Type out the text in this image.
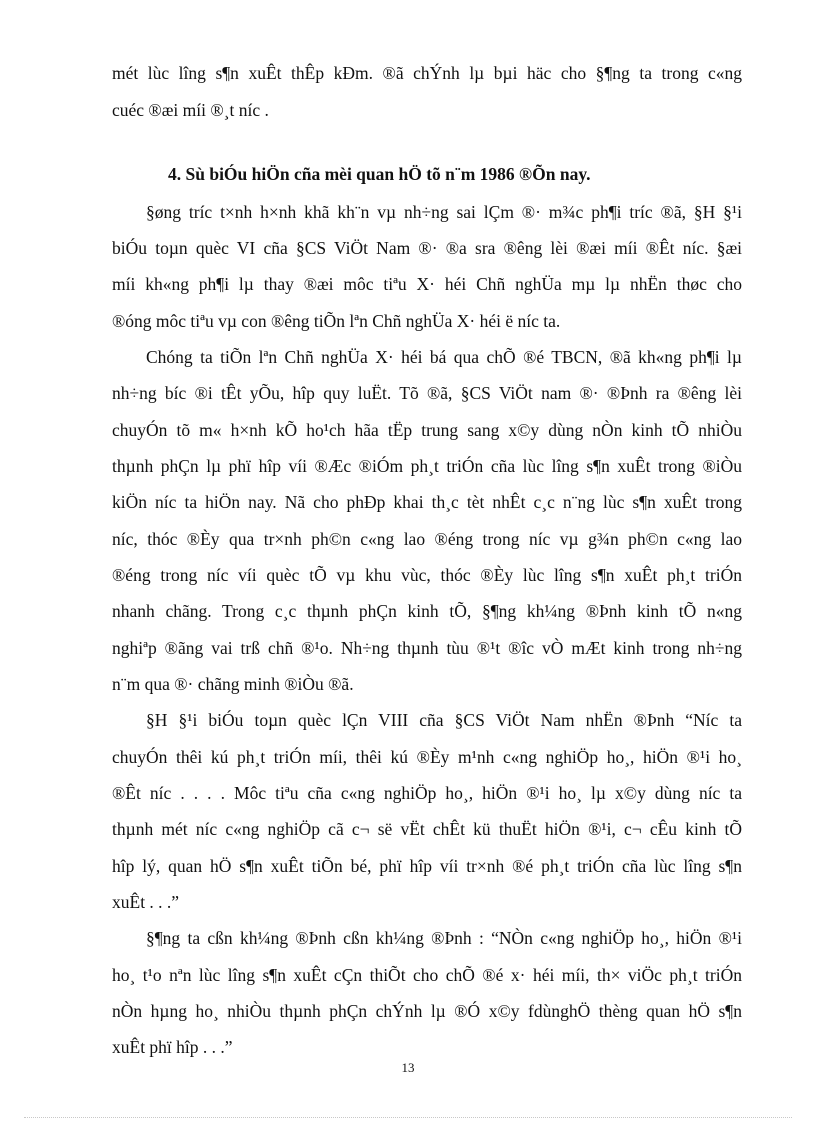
mét lùc lîng s¶n xuÊt thÊp kÐm. ®ã chÝnh lµ bµi häc cho §¶ng ta trong c«ng
cuéc ®æi míi ®¸t níc .
4. Sù biÓu hiÖn cña mèi quan hÖ tõ n¨m 1986 ®Õn nay.
§øng tríc t×nh h×nh khã kh¨n vµ nh÷ng sai lÇm ®· m¾c ph¶i tríc ®ã, §H §¹i
biÓu toµn quèc VI cña §CS ViÖt Nam ®· ®a sra ®êng lèi ®æi míi ®Êt níc. §æi
míi kh«ng ph¶i lµ thay ®æi môc tiªu X· héi Chñ nghÜa mµ lµ nhËn thøc cho
®óng môc tiªu vµ con ®êng tiÕn lªn Chñ nghÜa X· héi ë níc ta.
Chóng ta tiÕn lªn Chñ nghÜa X· héi bá qua chÕ ®é TBCN, ®ã kh«ng ph¶i lµ
nh÷ng bíc ®i tÊt yÕu, hîp quy luËt. Tõ ®ã, §CS ViÖt nam ®· ®Þnh ra ®êng lèi
chuyÓn tõ m« h×nh kÕ ho¹ch hãa tËp trung sang x©y dùng nÒn kinh tÕ nhiÒu
thµnh phÇn lµ phï hîp víi ®Æc ®iÓm ph¸t triÓn cña lùc lîng s¶n xuÊt trong ®iÒu
kiÖn níc ta hiÖn nay. Nã cho phÐp khai th¸c tèt nhÊt c¸c n¨ng lùc s¶n xuÊt trong
níc, thóc ®Èy qua tr×nh ph©n c«ng lao ®éng trong níc vµ g¾n ph©n c«ng lao
®éng trong níc víi quèc tÕ vµ khu vùc, thóc ®Èy lùc lîng s¶n xuÊt ph¸t triÓn
nhanh chãng. Trong c¸c thµnh phÇn kinh tÕ, §¶ng kh¼ng ®Þnh kinh tÕ n«ng
nghiªp ®ãng vai trß chñ ®¹o. Nh÷ng thµnh tùu ®¹t ®îc vÒ mÆt kinh trong nh÷ng
n¨m qua ®· chãng minh ®iÒu ®ã.
§H §¹i biÓu toµn quèc lÇn VIII cña §CS ViÖt Nam nhËn ®Þnh “Níc ta
chuyÓn thêi kú ph¸t triÓn míi, thêi kú ®Èy m¹nh c«ng nghiÖp ho¸, hiÖn ®¹i ho¸
®Êt níc . . . . Môc tiªu cña c«ng nghiÖp ho¸, hiÖn ®¹i ho¸ lµ x©y dùng níc ta
thµnh mét níc c«ng nghiÖp cã c¬ së vËt chÊt kü thuËt hiÖn ®¹i, c¬ cÊu kinh tÕ
hîp lý, quan hÖ s¶n xuÊt tiÕn bé, phï hîp víi tr×nh ®é ph¸t triÓn cña lùc lîng s¶n
xuÊt . . .”
§¶ng ta cßn kh¼ng ®Þnh cßn kh¼ng ®Þnh : “NÒn c«ng nghiÖp ho¸, hiÖn ®¹i
ho¸ t¹o nªn lùc lîng s¶n xuÊt cÇn thiÕt cho chÕ ®é x· héi míi, th× viÖc ph¸t triÓn
nÒn hµng ho¸ nhiÒu thµnh phÇn chÝnh lµ ®Ó x©y fdùnghÖ thèng quan hÖ s¶n
xuÊt phï hîp . . .”
13
